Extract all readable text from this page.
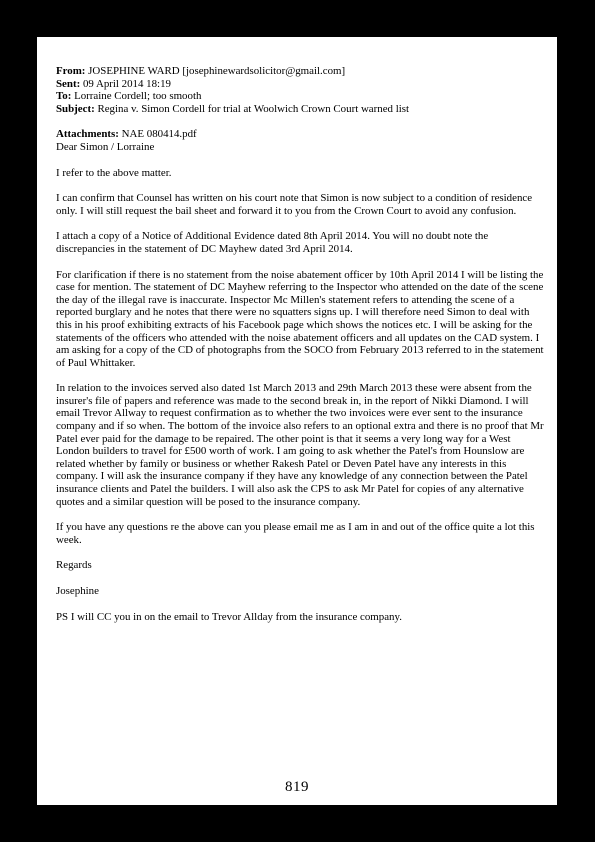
From: JOSEPHINE WARD [josephinewardsolicitor@gmail.com]
Sent: 09 April 2014 18:19
To: Lorraine Cordell; too smooth
Subject: Regina v. Simon Cordell for trial at Woolwich Crown Court warned list
Attachments: NAE 080414.pdf
Dear Simon / Lorraine

I refer to the above matter.

I can confirm that Counsel has written on his court note that Simon is now subject to a condition of residence only. I will still request the bail sheet and forward it to you from the Crown Court to avoid any confusion.

I attach a copy of a Notice of Additional Evidence dated 8th April 2014. You will no doubt note the discrepancies in the statement of DC Mayhew dated 3rd April 2014.

For clarification if there is no statement from the noise abatement officer by 10th April 2014 I will be listing the case for mention. The statement of DC Mayhew referring to the Inspector who attended on the date of the scene the day of the illegal rave is inaccurate. Inspector Mc Millen's statement refers to attending the scene of a reported burglary and he notes that there were no squatters signs up. I will therefore need Simon to deal with this in his proof exhibiting extracts of his Facebook page which shows the notices etc. I will be asking for the statements of the officers who attended with the noise abatement officers and all updates on the CAD system. I am asking for a copy of the CD of photographs from the SOCO from February 2013 referred to in the statement of Paul Whittaker.

In relation to the invoices served also dated 1st March 2013 and 29th March 2013 these were absent from the insurer's file of papers and reference was made to the second break in, in the report of Nikki Diamond. I will email Trevor Allway to request confirmation as to whether the two invoices were ever sent to the insurance company and if so when. The bottom of the invoice also refers to an optional extra and there is no proof that Mr Patel ever paid for the damage to be repaired. The other point is that it seems a very long way for a West London builders to travel for £500 worth of work. I am going to ask whether the Patel's from Hounslow are related whether by family or business or whether Rakesh Patel or Deven Patel have any interests in this company. I will ask the insurance company if they have any knowledge of any connection between the Patel insurance clients and Patel the builders. I will also ask the CPS to ask Mr Patel for copies of any alternative quotes and a similar question will be posed to the insurance company.

If you have any questions re the above can you please email me as I am in and out of the office quite a lot this week.

Regards

Josephine

PS I will CC you in on the email to Trevor Allday from the insurance company.

819
